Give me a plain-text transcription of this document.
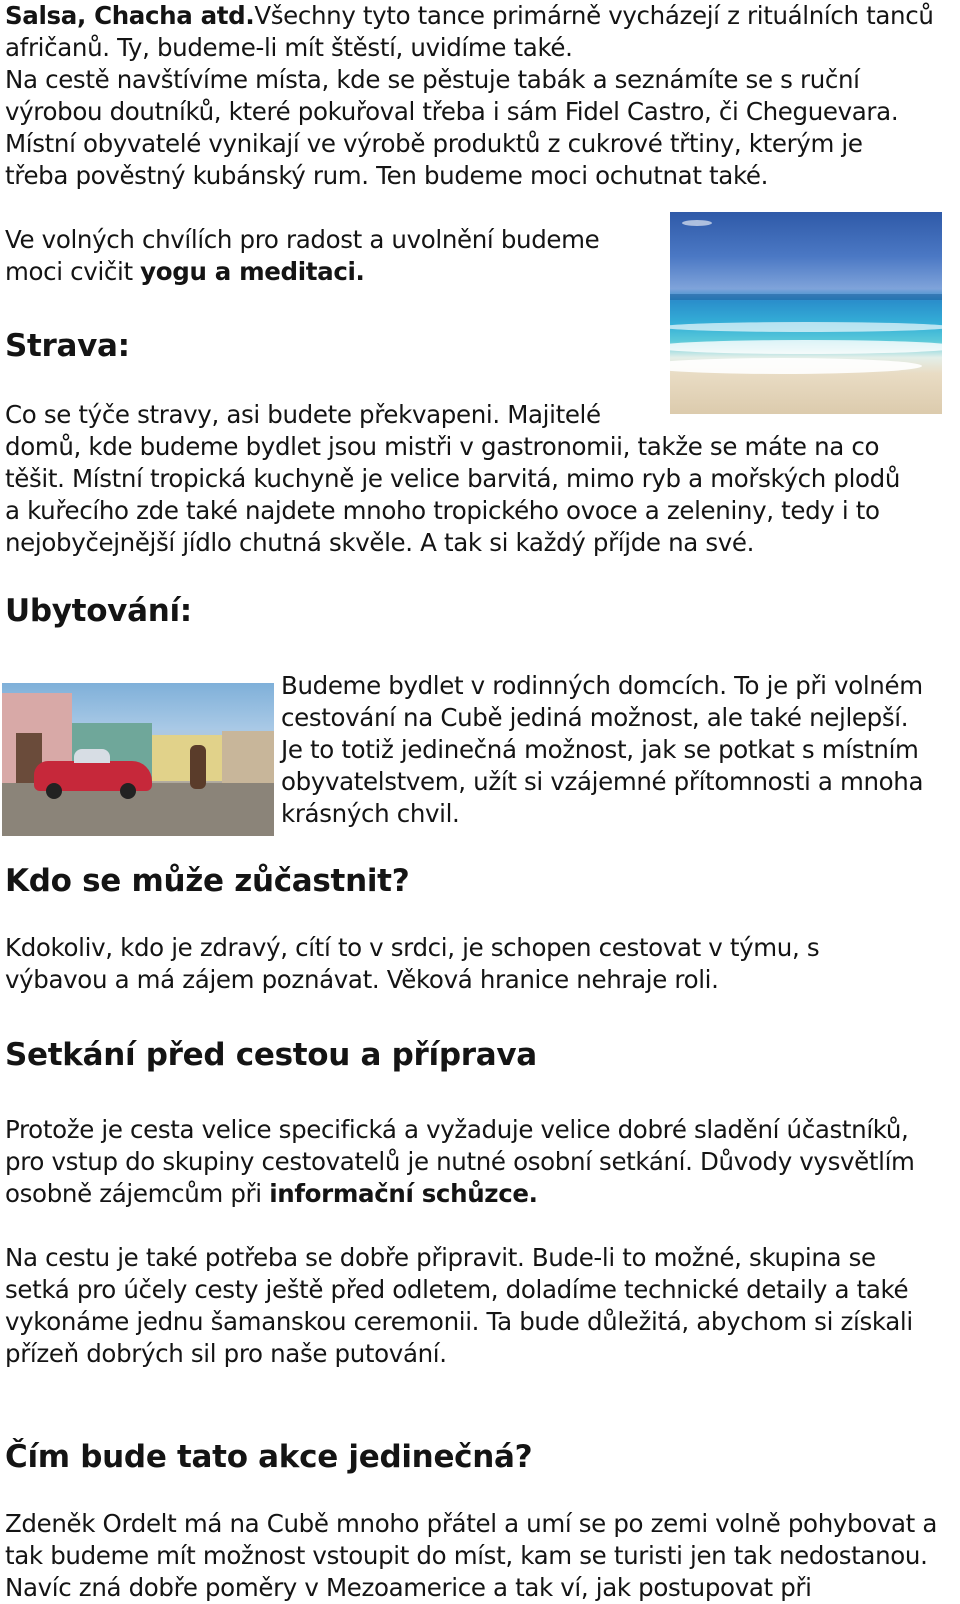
Salsa, Chacha atd.Všechny tyto tance primárně vycházejí z rituálních tanců

afričanů. Ty, budeme-li mít štěstí, uvidíme také.

Na cestě navštívíme místa, kde se pěstuje tabák a seznámíte se s ruční

výrobou doutníků, které pokuřoval třeba i sám Fidel Castro, či Cheguevara.

Místní obyvatelé vynikají ve výrobě produktů z cukrové třtiny, kterým je

třeba pověstný kubánský rum. Ten budeme moci ochutnat také.

Ve volných chvílích pro radost a uvolnění budeme

moci cvičit yogu a meditaci.

Strava:

Co se týče stravy, asi budete překvapeni. Majitelé

domů, kde budeme bydlet jsou mistři v gastronomii, takže se máte na co

těšit. Místní tropická kuchyně je velice barvitá, mimo ryb a mořských plodů

a kuřecího zde také najdete mnoho tropického ovoce a zeleniny, tedy i to

nejobyčejnější jídlo chutná skvěle. A tak si každý příjde na své.

Ubytování:

Budeme bydlet v rodinných domcích. To je při volném

cestování na Cubě jediná možnost, ale také nejlepší.

Je to totiž jedinečná možnost, jak se potkat s místním

obyvatelstvem, užít si vzájemné přítomnosti a mnoha

krásných chvil.

Kdo se může zůčastnit?

Kdokoliv, kdo je zdravý, cítí to v srdci, je schopen cestovat v týmu, s

výbavou a má zájem poznávat. Věková hranice nehraje roli.

Setkání před cestou a příprava

Protože je cesta velice specifická a vyžaduje velice dobré sladění účastníků,

pro vstup do skupiny cestovatelů je nutné osobní setkání. Důvody vysvětlím

osobně zájemcům při informační schůzce.

Na cestu je také potřeba se dobře připravit. Bude-li to možné, skupina se

setká pro účely cesty ještě před odletem, doladíme technické detaily a také

vykonáme jednu šamanskou ceremonii. Ta bude důležitá, abychom si získali

přízeň dobrých sil pro naše putování.

Čím bude tato akce jedinečná?

Zdeněk Ordelt má na Cubě mnoho přátel a umí se po zemi volně pohybovat a

tak budeme mít možnost vstoupit do míst, kam se turisti jen tak nedostanou.

Navíc zná dobře poměry v Mezoamerice a tak ví, jak postupovat při
